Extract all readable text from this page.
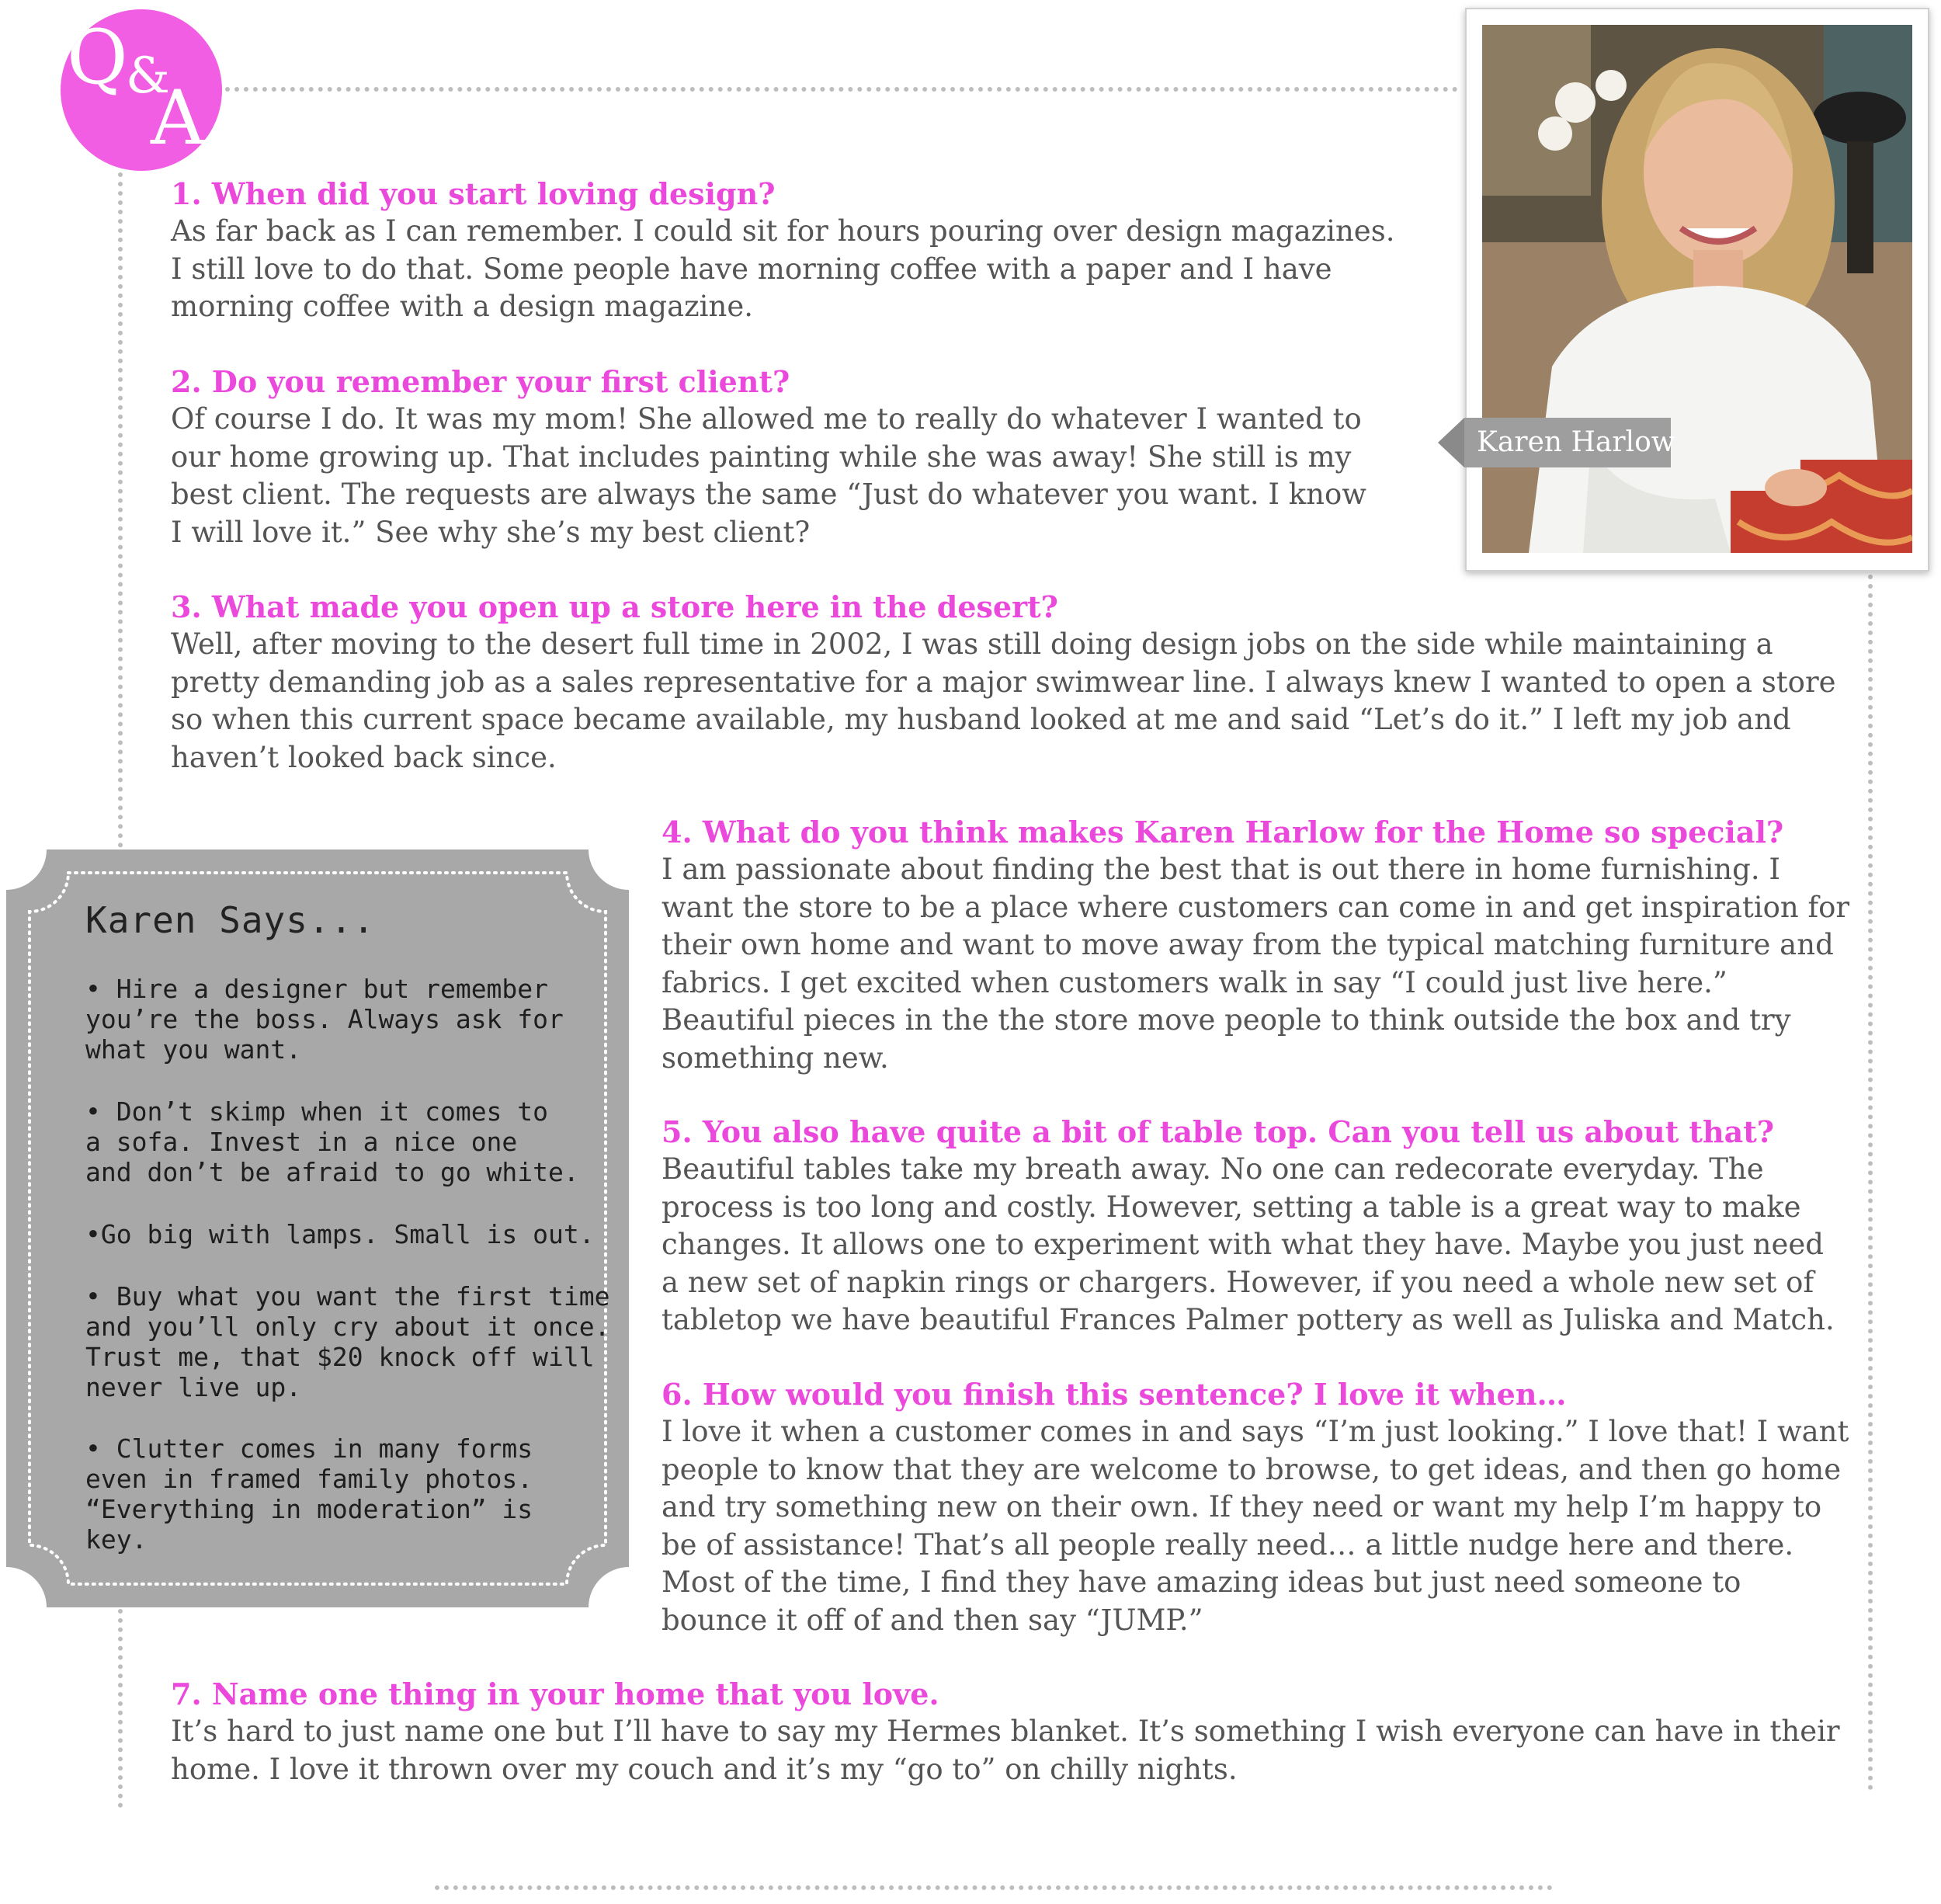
Q
&
A
Karen Harlow
1. When did you start loving design?

As far back as I can remember. I could sit for hours pouring over design magazines.

I still love to do that. Some people have morning coffee with a paper and I have

morning coffee with a design magazine.

2. Do you remember your first client?

Of course I do. It was my mom! She allowed me to really do whatever I wanted to

our home growing up. That includes painting while she was away! She still is my

best client. The requests are always the same “Just do whatever you want. I know

I will love it.” See why she’s my best client?

3. What made you open up a store here in the desert?

Well, after moving to the desert full time in 2002, I was still doing design jobs on the side while maintaining a

pretty demanding job as a sales representative for a major swimwear line. I always knew I wanted to open a store

so when this current space became available, my husband looked at me and said “Let’s do it.” I left my job and

haven’t looked back since.

4. What do you think makes Karen Harlow for the Home so special?

I am passionate about finding the best that is out there in home furnishing. I

want the store to be a place where customers can come in and get inspiration for

their own home and want to move away from the typical matching furniture and

fabrics. I get excited when customers walk in say “I could just live here.”

Beautiful pieces in the the store move people to think outside the box and try

something new.

5. You also have quite a bit of table top. Can you tell us about that?

Beautiful tables take my breath away. No one can redecorate everyday. The

process is too long and costly. However, setting a table is a great way to make

changes. It allows one to experiment with what they have. Maybe you just need

a new set of napkin rings or chargers. However, if you need a whole new set of

tabletop we have beautiful Frances Palmer pottery as well as Juliska and Match.

6. How would you finish this sentence? I love it when…

I love it when a customer comes in and says “I’m just looking.” I love that! I want

people to know that they are welcome to browse, to get ideas, and then go home

and try something new on their own. If they need or want my help I’m happy to

be of assistance! That’s all people really need… a little nudge here and there.

Most of the time, I find they have amazing ideas but just need someone to

bounce it off of and then say “JUMP.”

7. Name one thing in your home that you love.

It’s hard to just name one but I’ll have to say my Hermes blanket. It’s something I wish everyone can have in their

home. I love it thrown over my couch and it’s my “go to” on chilly nights.

Karen Says...

• Hire a designer but remember

you’re the boss. Always ask for

what you want.

• Don’t skimp when it comes to

a sofa. Invest in a nice one

and don’t be afraid to go white.

•Go big with lamps. Small is out.

• Buy what you want the first time

and you’ll only cry about it once.

Trust me, that $20 knock off will

never live up.

• Clutter comes in many forms

even in framed family photos.

“Everything in moderation” is

key.
